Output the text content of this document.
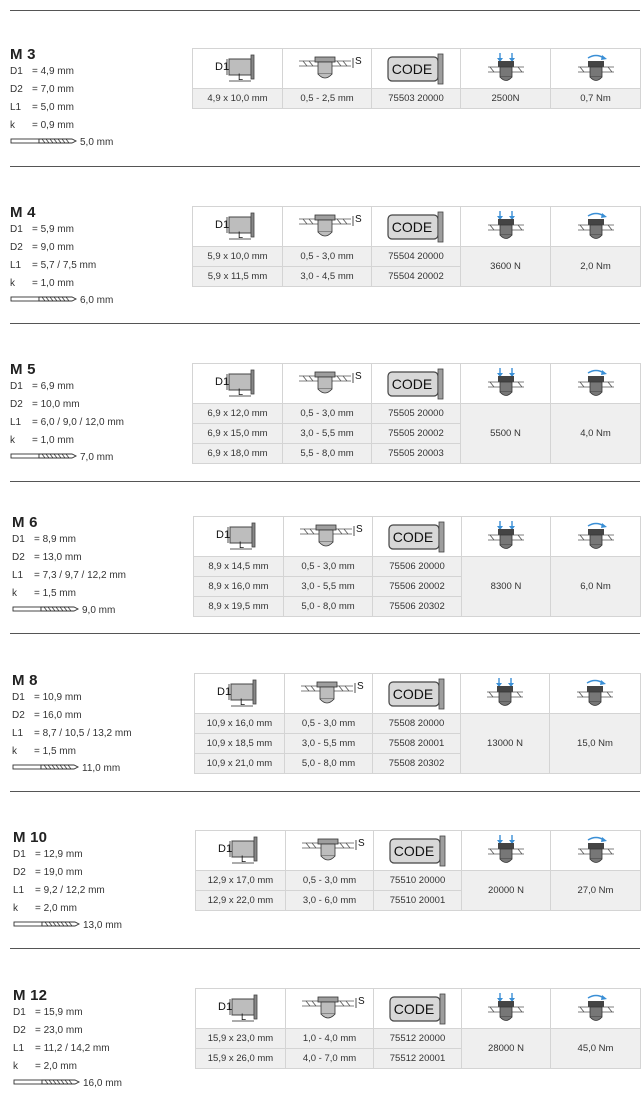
M 3
D1 = 4,9 mm
D2 = 7,0 mm
L1 = 5,0 mm
k = 0,9 mm
5,0 mm
D1
L	S	CODE

4,9 x 10,0 mm	0,5 - 2,5 mm	75503 20000	2500N	0,7 Nm
M 4
D1 = 5,9 mm
D2 = 9,0 mm
L1 = 5,7 / 7,5 mm
k = 1,0 mm
6,0 mm
D1
L	S	CODE

5,9 x 10,0 mm	0,5 - 3,0 mm	75504 20000	3600 N	2,0 Nm
5,9 x 11,5 mm	3,0 - 4,5 mm	75504 20002		
M 5
D1 = 6,9 mm
D2 = 10,0 mm
L1 = 6,0 / 9,0 / 12,0 mm
k = 1,0 mm
7,0 mm
D1
L	S	CODE

6,9 x 12,0 mm	0,5 - 3,0 mm	75505 20000	5500 N	4,0 Nm
6,9 x 15,0 mm	3,0 - 5,5 mm	75505 20002		
6,9 x 18,0 mm	5,5 - 8,0 mm	75505 20003		
M 6
D1 = 8,9 mm
D2 = 13,0 mm
L1 = 7,3 / 9,7 / 12,2 mm
k = 1,5 mm
9,0 mm
D1
L	S	CODE

8,9 x 14,5 mm	0,5 - 3,0 mm	75506 20000	8300 N	6,0 Nm
8,9 x 16,0 mm	3,0 - 5,5 mm	75506 20002		
8,9 x 19,5 mm	5,0 - 8,0 mm	75506 20302		
M 8
D1 = 10,9 mm
D2 = 16,0 mm
L1 = 8,7 / 10,5 / 13,2 mm
k = 1,5 mm
11,0 mm
D1
L	S	CODE

10,9 x 16,0 mm	0,5 - 3,0 mm	75508 20000	13000 N	15,0 Nm
10,9 x 18,5 mm	3,0 - 5,5 mm	75508 20001		
10,9 x 21,0 mm	5,0 - 8,0 mm	75508 20302		
M 10
D1 = 12,9 mm
D2 = 19,0 mm
L1 = 9,2 / 12,2 mm
k = 2,0 mm
13,0 mm
D1
L	S	CODE

12,9 x 17,0 mm	0,5 - 3,0 mm	75510 20000	20000 N	27,0 Nm
12,9 x 22,0 mm	3,0 - 6,0 mm	75510 20001		
M 12
D1 = 15,9 mm
D2 = 23,0 mm
L1 = 11,2 / 14,2 mm
k = 2,0 mm
16,0 mm
D1
L	S	CODE

15,9 x 23,0 mm	1,0 - 4,0 mm	75512 20000	28000 N	45,0 Nm
15,9 x 26,0 mm	4,0 - 7,0 mm	75512 20001		
